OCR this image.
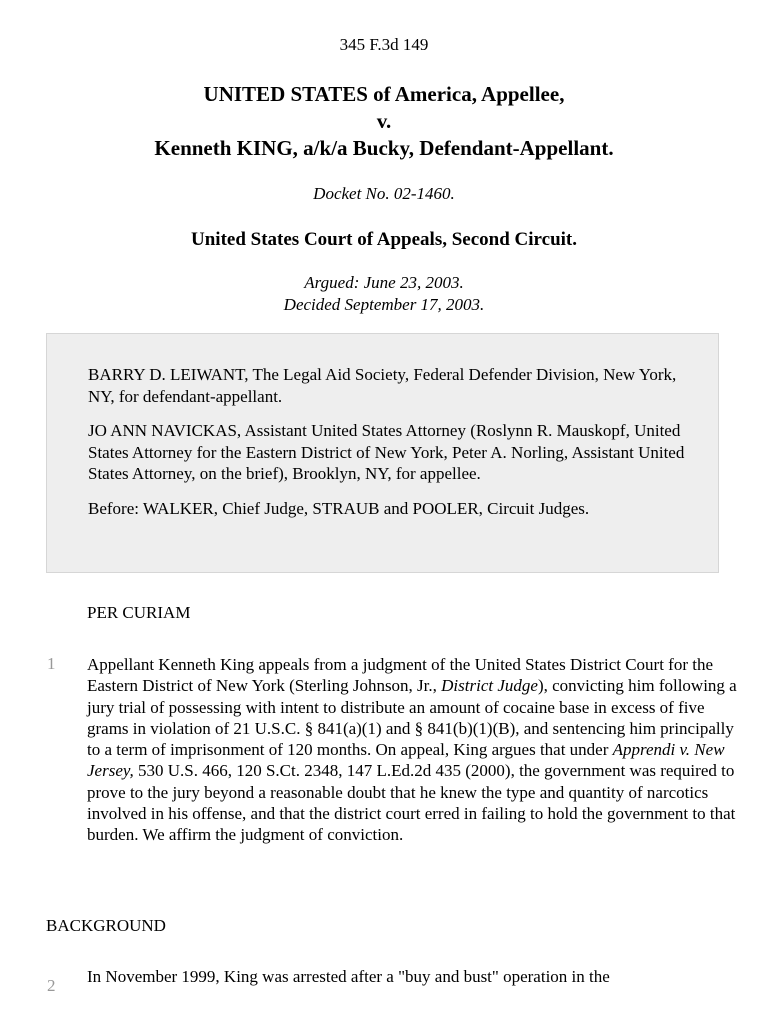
345 F.3d 149
UNITED STATES of America, Appellee,
v.
Kenneth KING, a/k/a Bucky, Defendant-Appellant.
Docket No. 02-1460.
United States Court of Appeals, Second Circuit.
Argued: June 23, 2003.
Decided September 17, 2003.

BARRY D. LEIWANT, The Legal Aid Society, Federal Defender Division, New York, NY, for defendant-appellant.

JO ANN NAVICKAS, Assistant United States Attorney (Roslynn R. Mauskopf, United States Attorney for the Eastern District of New York, Peter A. Norling, Assistant United States Attorney, on the brief), Brooklyn, NY, for appellee.

Before: WALKER, Chief Judge, STRAUB and POOLER, Circuit Judges.

PER CURIAM
1 Appellant Kenneth King appeals from a judgment of the United States District Court for the Eastern District of New York (Sterling Johnson, Jr., District Judge), convicting him following a jury trial of possessing with intent to distribute an amount of cocaine base in excess of five grams in violation of 21 U.S.C. § 841(a)(1) and § 841(b)(1)(B), and sentencing him principally to a term of imprisonment of 120 months. On appeal, King argues that under Apprendi v. New Jersey, 530 U.S. 466, 120 S.Ct. 2348, 147 L.Ed.2d 435 (2000), the government was required to prove to the jury beyond a reasonable doubt that he knew the type and quantity of narcotics involved in his offense, and that the district court erred in failing to hold the government to that burden. We affirm the judgment of conviction.
BACKGROUND
2 In November 1999, King was arrested after a "buy and bust" operation in the
